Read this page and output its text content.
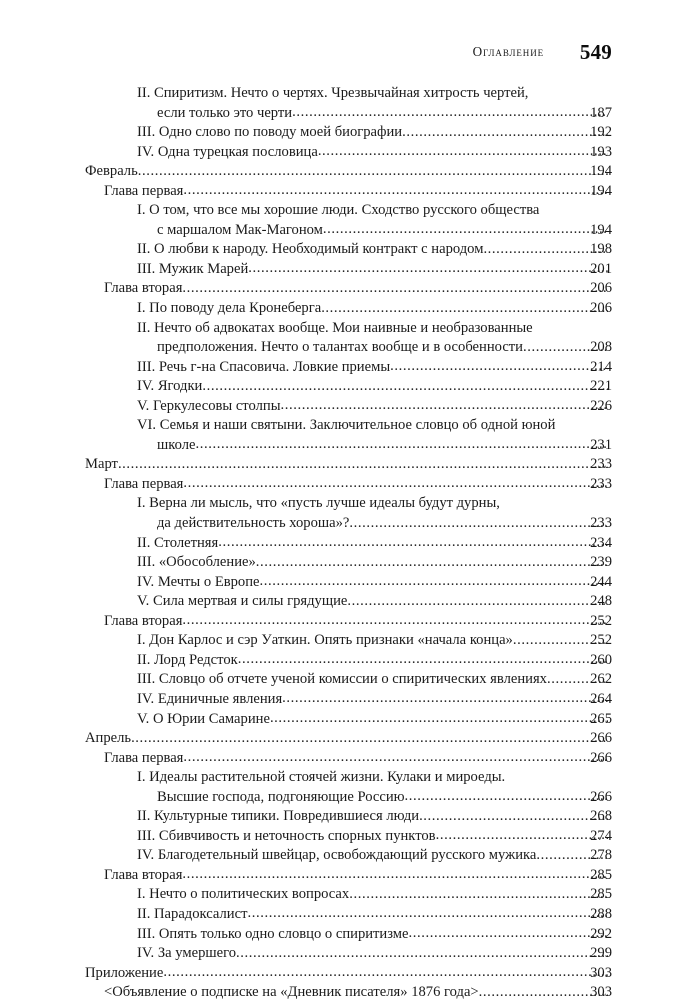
Оглавление 549
II. Спиритизм. Нечто о чертях. Чрезвычайная хитрость чертей,
если только это черти .....	187
III. Одно слово по поводу моей биографии .....	192
IV. Одна турецкая пословица .....	193
Февраль .....	194
Глава первая .....	194
I. О том, что все мы хорошие люди. Сходство русского общества
с маршалом Мак-Магоном .....	194
II. О любви к народу. Необходимый контракт с народом .....	198
III. Мужик Марей .....	201
Глава вторая .....	206
I. По поводу дела Кронеберга .....	206
II. Нечто об адвокатах вообще. Мои наивные и необразованные
предположения. Нечто о талантах вообще и в особенности .....	208
III. Речь г-на Спасовича. Ловкие приемы .....	214
IV. Ягодки .....	221
V. Геркулесовы столпы .....	226
VI. Семья и наши святыни. Заключительное словцо об одной юной
школе .....	231
Март .....	233
Глава первая .....	233
I. Верна ли мысль, что «пусть лучше идеалы будут дурны,
да действительность хороша»? .....	233
II. Столетняя .....	234
III. «Обособление» .....	239
IV. Мечты о Европе .....	244
V. Сила мертвая и силы грядущие .....	248
Глава вторая .....	252
I. Дон Карлос и сэр Уаткин. Опять признаки «начала конца» .....	252
II. Лорд Редсток .....	260
III. Словцо об отчете ученой комиссии о спиритических явлениях .....	262
IV. Единичные явления .....	264
V. О Юрии Самарине .....	265
Апрель .....	266
Глава первая .....	266
I. Идеалы растительной стоячей жизни. Кулаки и мироеды.
Высшие господа, подгоняющие Россию .....	266
II. Культурные типики. Повредившиеся люди .....	268
III. Сбивчивость и неточность спорных пунктов .....	274
IV. Благодетельный швейцар, освобождающий русского мужика .....	278
Глава вторая .....	285
I. Нечто о политических вопросах .....	285
II. Парадоксалист .....	288
III. Опять только одно словцо о спиритизме .....	292
IV. За умершего .....	299
Приложение .....	303
<Объявление о подписке на «Дневник писателя» 1876 года> .....	303
